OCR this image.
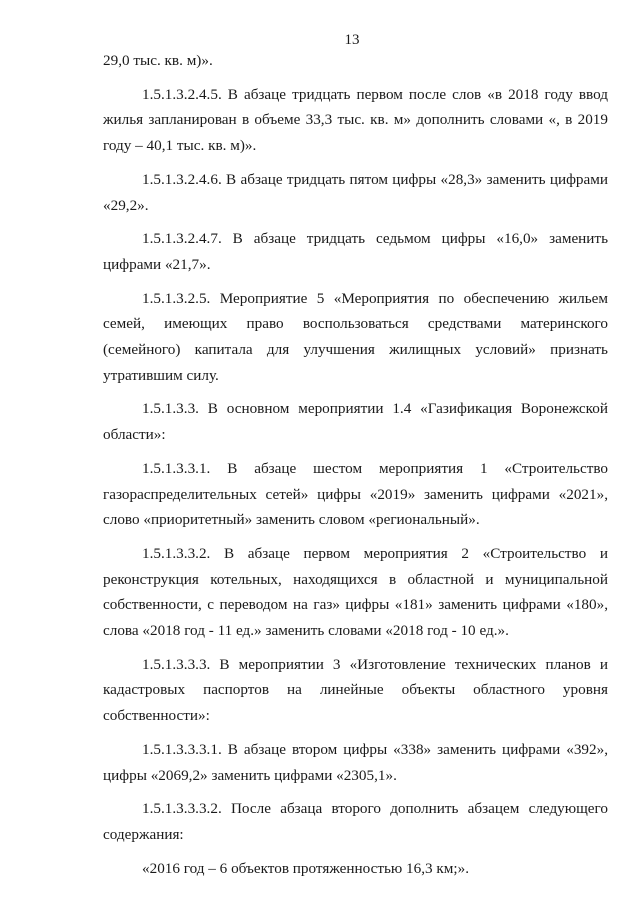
13

29,0 тыс. кв. м)».

1.5.1.3.2.4.5. В абзаце тридцать первом после слов «в 2018 году ввод жилья запланирован в объеме 33,3 тыс. кв. м» дополнить словами «, в 2019 году – 40,1 тыс. кв. м)».

1.5.1.3.2.4.6. В абзаце тридцать пятом цифры «28,3» заменить цифрами «29,2».

1.5.1.3.2.4.7. В абзаце тридцать седьмом цифры «16,0» заменить цифрами «21,7».

1.5.1.3.2.5. Мероприятие 5 «Мероприятия по обеспечению жильем семей, имеющих право воспользоваться средствами материнского (семейного) капитала для улучшения жилищных условий» признать утратившим силу.

1.5.1.3.3. В основном мероприятии 1.4 «Газификация Воронежской области»:

1.5.1.3.3.1. В абзаце шестом мероприятия 1 «Строительство газораспределительных сетей» цифры «2019» заменить цифрами «2021», слово «приоритетный» заменить словом «региональный».

1.5.1.3.3.2. В абзаце первом мероприятия 2 «Строительство и реконструкция котельных, находящихся в областной и муниципальной собственности, с переводом на газ» цифры «181» заменить цифрами «180», слова «2018 год - 11 ед.» заменить словами «2018 год - 10 ед.».

1.5.1.3.3.3. В мероприятии 3 «Изготовление технических планов и кадастровых паспортов на линейные объекты областного уровня собственности»:

1.5.1.3.3.3.1. В абзаце втором цифры «338» заменить цифрами «392», цифры «2069,2» заменить цифрами «2305,1».

1.5.1.3.3.3.2. После абзаца второго дополнить абзацем следующего содержания:

«2016 год – 6 объектов протяженностью 16,3 км;».
